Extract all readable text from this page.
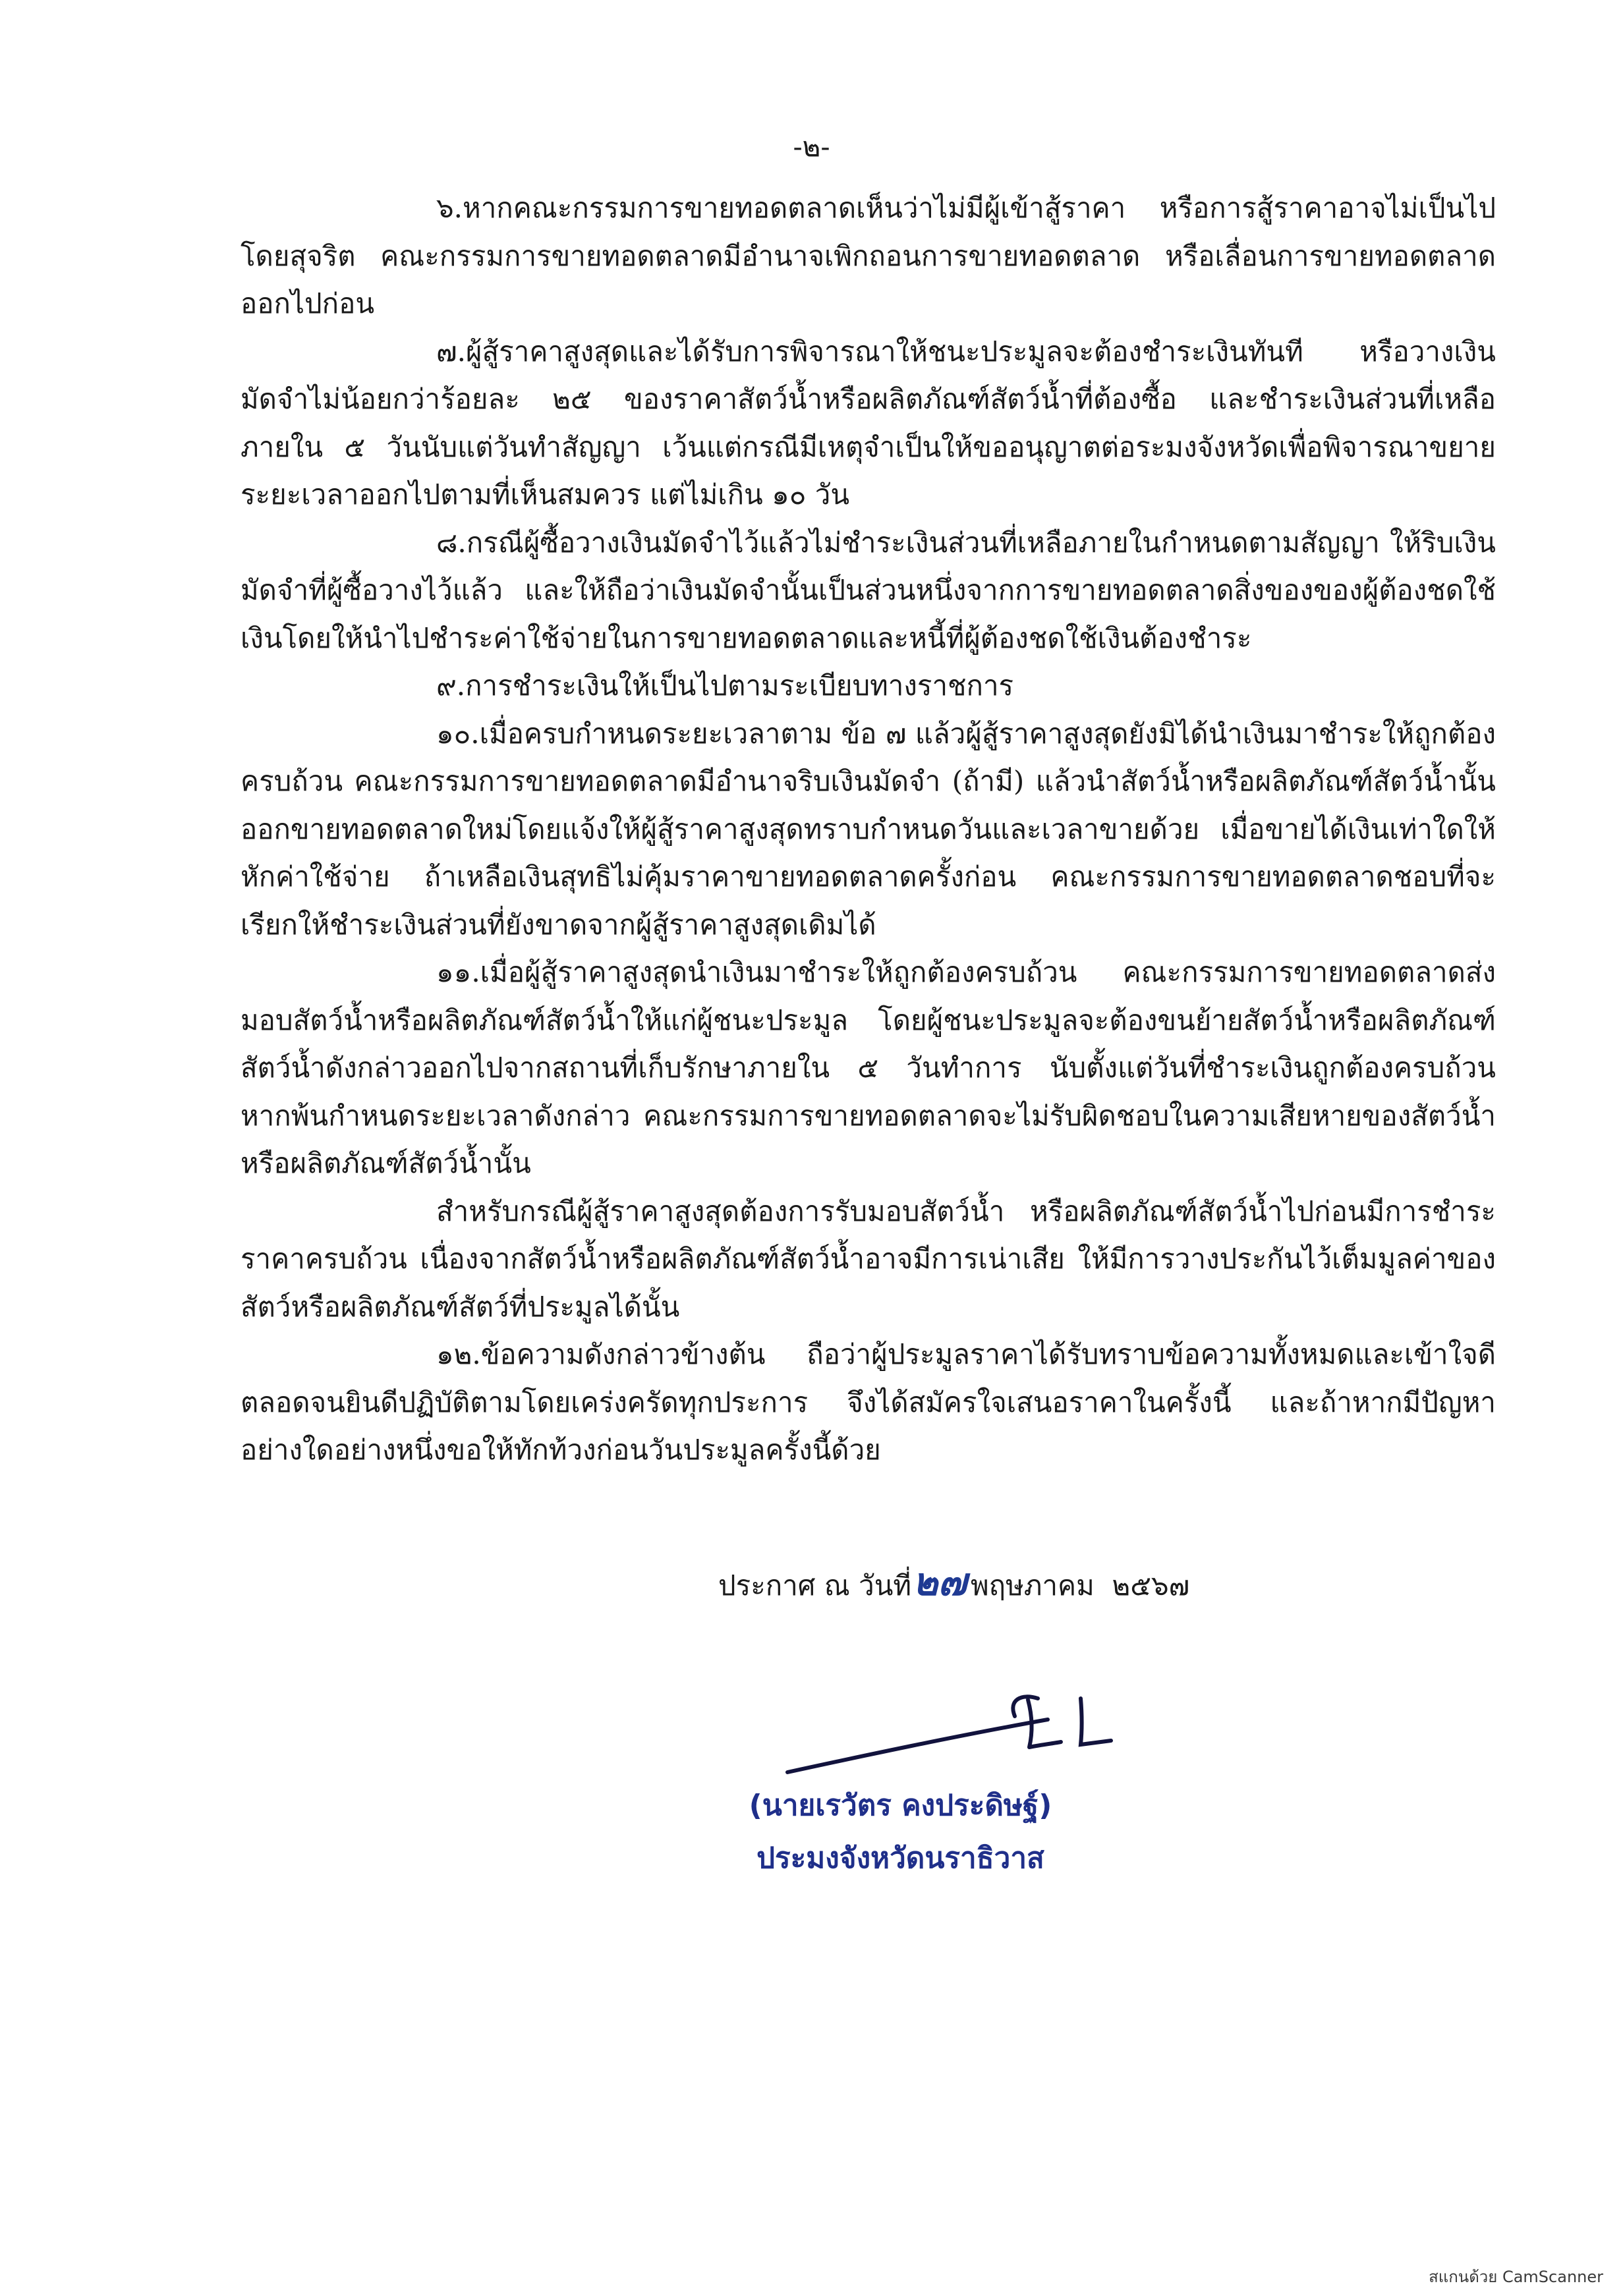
-๒-

๖.หากคณะกรรมการขายทอดตลาดเห็นว่าไม่มีผู้เข้าสู้ราคา หรือการสู้ราคาอาจไม่เป็นไปโดยสุจริต คณะกรรมการขายทอดตลาดมีอำนาจเพิกถอนการขายทอดตลาด หรือเลื่อนการขายทอดตลาดออกไปก่อน

๗.ผู้สู้ราคาสูงสุดและได้รับการพิจารณาให้ชนะประมูลจะต้องชำระเงินทันที หรือวางเงินมัดจำไม่น้อยกว่าร้อยละ ๒๕ ของราคาสัตว์น้ำหรือผลิตภัณฑ์สัตว์น้ำที่ต้องซื้อ และชำระเงินส่วนที่เหลือภายใน ๕ วันนับแต่วันทำสัญญา เว้นแต่กรณีมีเหตุจำเป็นให้ขออนุญาตต่อระมงจังหวัดเพื่อพิจารณาขยายระยะเวลาออกไปตามที่เห็นสมควร แต่ไม่เกิน ๑๐ วัน

๘.กรณีผู้ซื้อวางเงินมัดจำไว้แล้วไม่ชำระเงินส่วนที่เหลือภายในกำหนดตามสัญญา ให้ริบเงินมัดจำที่ผู้ซื้อวางไว้แล้ว และให้ถือว่าเงินมัดจำนั้นเป็นส่วนหนึ่งจากการขายทอดตลาดสิ่งของของผู้ต้องชดใช้เงินโดยให้นำไปชำระค่าใช้จ่ายในการขายทอดตลาดและหนี้ที่ผู้ต้องชดใช้เงินต้องชำระ

๙.การชำระเงินให้เป็นไปตามระเบียบทางราชการ

๑๐.เมื่อครบกำหนดระยะเวลาตาม ข้อ ๗ แล้วผู้สู้ราคาสูงสุดยังมิได้นำเงินมาชำระให้ถูกต้องครบถ้วน คณะกรรมการขายทอดตลาดมีอำนาจริบเงินมัดจำ (ถ้ามี) แล้วนำสัตว์น้ำหรือผลิตภัณฑ์สัตว์น้ำนั้นออกขายทอดตลาดใหม่โดยแจ้งให้ผู้สู้ราคาสูงสุดทราบกำหนดวันและเวลาขายด้วย เมื่อขายได้เงินเท่าใดให้หักค่าใช้จ่าย ถ้าเหลือเงินสุทธิไม่คุ้มราคาขายทอดตลาดครั้งก่อน คณะกรรมการขายทอดตลาดชอบที่จะเรียกให้ชำระเงินส่วนที่ยังขาดจากผู้สู้ราคาสูงสุดเดิมได้

๑๑.เมื่อผู้สู้ราคาสูงสุดนำเงินมาชำระให้ถูกต้องครบถ้วน คณะกรรมการขายทอดตลาดส่งมอบสัตว์น้ำหรือผลิตภัณฑ์สัตว์น้ำให้แก่ผู้ชนะประมูล โดยผู้ชนะประมูลจะต้องขนย้ายสัตว์น้ำหรือผลิตภัณฑ์สัตว์น้ำดังกล่าวออกไปจากสถานที่เก็บรักษาภายใน ๕ วันทำการ นับตั้งแต่วันที่ชำระเงินถูกต้องครบถ้วน หากพ้นกำหนดระยะเวลาดังกล่าว คณะกรรมการขายทอดตลาดจะไม่รับผิดชอบในความเสียหายของสัตว์น้ำหรือผลิตภัณฑ์สัตว์น้ำนั้น

สำหรับกรณีผู้สู้ราคาสูงสุดต้องการรับมอบสัตว์น้ำ หรือผลิตภัณฑ์สัตว์น้ำไปก่อนมีการชำระราคาครบถ้วน เนื่องจากสัตว์น้ำหรือผลิตภัณฑ์สัตว์น้ำอาจมีการเน่าเสีย ให้มีการวางประกันไว้เต็มมูลค่าของสัตว์หรือผลิตภัณฑ์สัตว์ที่ประมูลได้นั้น

๑๒.ข้อความดังกล่าวข้างต้น ถือว่าผู้ประมูลราคาได้รับทราบข้อความทั้งหมดและเข้าใจดีตลอดจนยินดีปฏิบัติตามโดยเคร่งครัดทุกประการ จึงได้สมัครใจเสนอราคาในครั้งนี้ และถ้าหากมีปัญหาอย่างใดอย่างหนึ่งขอให้ทักท้วงก่อนวันประมูลครั้งนี้ด้วย

ประกาศ ณ วันที่๒๗ พฤษภาคม ๒๕๖๗
(นายเรวัตร คงประดิษฐ์)
ประมงจังหวัดนราธิวาส
สแกนด้วย CamScanner
